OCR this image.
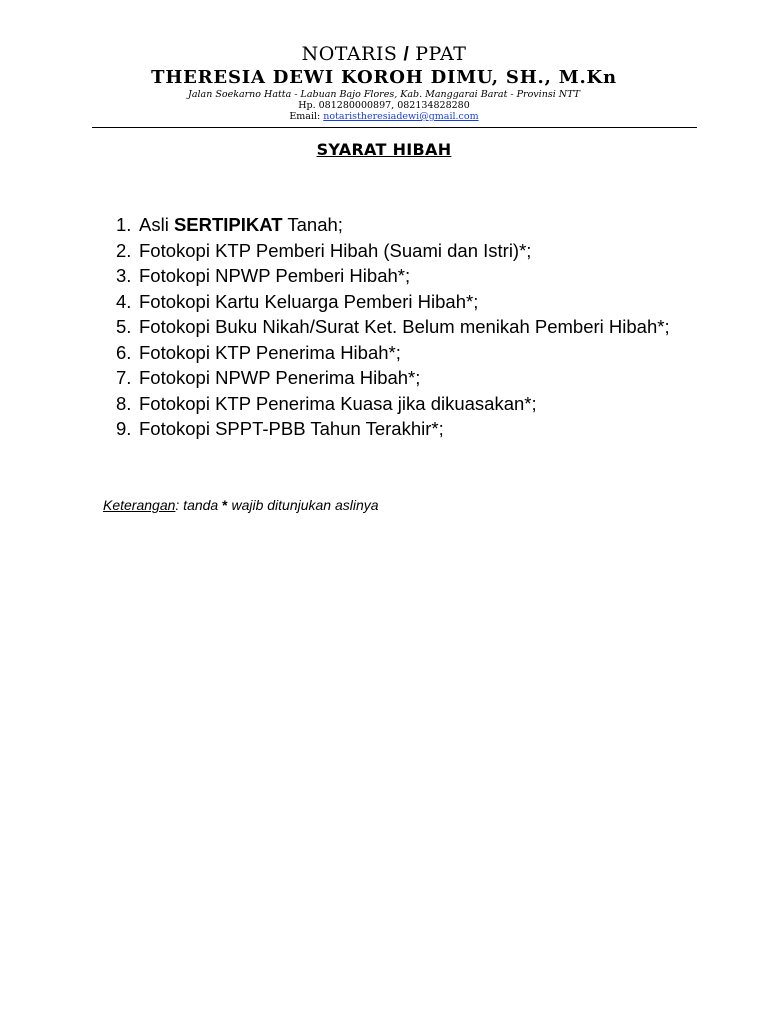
NOTARIS / PPAT
THERESIA DEWI KOROH DIMU, SH., M.Kn
Jalan Soekarno Hatta - Labuan Bajo Flores, Kab. Manggarai Barat - Provinsi NTT
Hp. 081280000897, 082134828280
Email: notaristheresiadewi@gmail.com
SYARAT HIBAH
1. Asli SERTIPIKAT Tanah;
2. Fotokopi KTP Pemberi Hibah (Suami dan Istri)*;
3. Fotokopi NPWP Pemberi Hibah*;
4. Fotokopi Kartu Keluarga Pemberi Hibah*;
5. Fotokopi Buku Nikah/Surat Ket. Belum menikah Pemberi Hibah*;
6. Fotokopi KTP Penerima Hibah*;
7. Fotokopi NPWP Penerima Hibah*;
8. Fotokopi KTP Penerima Kuasa jika dikuasakan*;
9. Fotokopi SPPT-PBB Tahun Terakhir*;
Keterangan: tanda * wajib ditunjukan aslinya
